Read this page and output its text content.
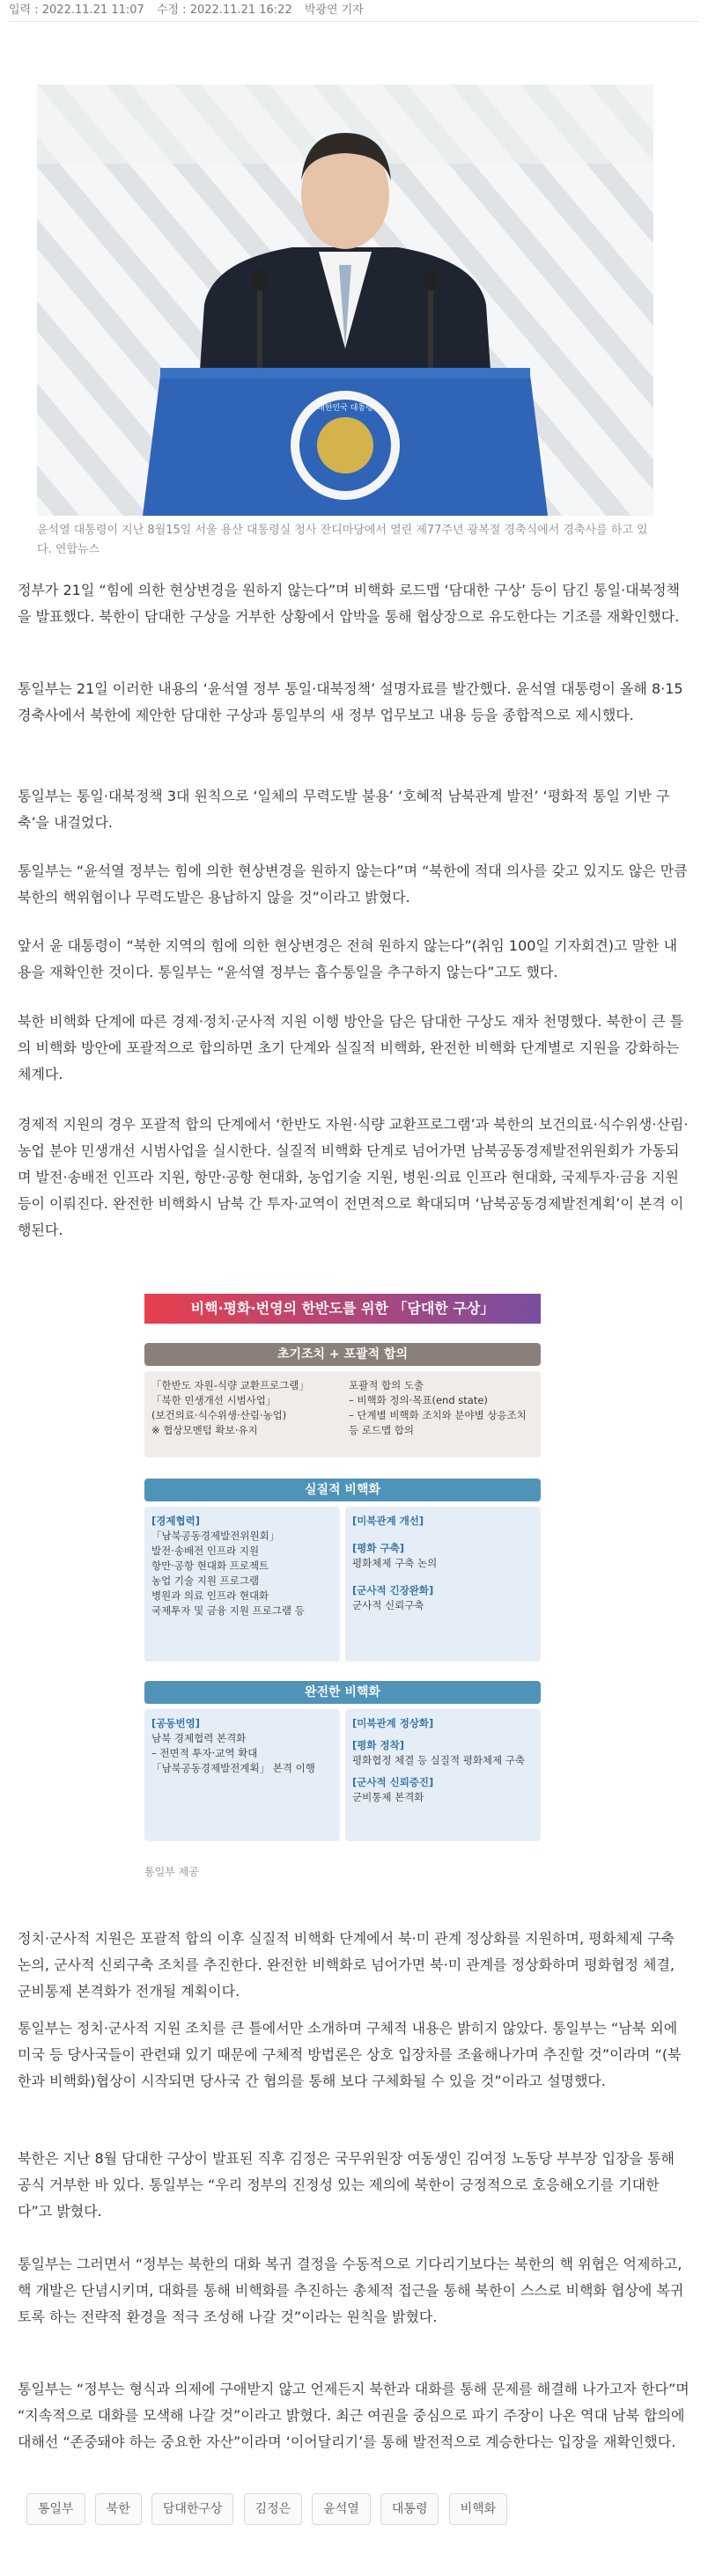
입력 : 2022.11.21 11:07 수정 : 2022.11.21 16:22 박광연 기자
대한민국 대통령
윤석열 대통령이 지난 8월15일 서울 용산 대통령실 청사 잔디마당에서 열린 제77주년 광복절 경축식에서 경축사를 하고 있다. 연합뉴스

정부가 21일 “힘에 의한 현상변경을 원하지 않는다”며 비핵화 로드맵 ‘담대한 구상’ 등이 담긴 통일·대북정책을 발표했다. 북한이 담대한 구상을 거부한 상황에서 압박을 통해 협상장으로 유도한다는 기조를 재확인했다.

통일부는 21일 이러한 내용의 ‘윤석열 정부 통일·대북정책’ 설명자료를 발간했다. 윤석열 대통령이 올해 8·15 경축사에서 북한에 제안한 담대한 구상과 통일부의 새 정부 업무보고 내용 등을 종합적으로 제시했다.

통일부는 통일·대북정책 3대 원칙으로 ‘일체의 무력도발 불용’ ‘호혜적 남북관계 발전’ ‘평화적 통일 기반 구축’을 내걸었다.

통일부는 “윤석열 정부는 힘에 의한 현상변경을 원하지 않는다”며 “북한에 적대 의사를 갖고 있지도 않은 만큼 북한의 핵위협이나 무력도발은 용납하지 않을 것”이라고 밝혔다.

앞서 윤 대통령이 “북한 지역의 힘에 의한 현상변경은 전혀 원하지 않는다”(취임 100일 기자회견)고 말한 내용을 재확인한 것이다. 통일부는 “윤석열 정부는 흡수통일을 추구하지 않는다”고도 했다.

북한 비핵화 단계에 따른 경제·정치·군사적 지원 이행 방안을 담은 담대한 구상도 재차 천명했다. 북한이 큰 틀의 비핵화 방안에 포괄적으로 합의하면 초기 단계와 실질적 비핵화, 완전한 비핵화 단계별로 지원을 강화하는 체계다.

경제적 지원의 경우 포괄적 합의 단계에서 ‘한반도 자원·식량 교환프로그램’과 북한의 보건의료·식수위생·산림·농업 분야 민생개선 시범사업을 실시한다. 실질적 비핵화 단계로 넘어가면 남북공동경제발전위원회가 가동되며 발전·송배전 인프라 지원, 항만·공항 현대화, 농업기술 지원, 병원·의료 인프라 현대화, 국제투자·금융 지원 등이 이뤄진다. 완전한 비핵화시 남북 간 투자·교역이 전면적으로 확대되며 ‘남북공동경제발전계획’이 본격 이행된다.

비핵·평화·번영의 한반도를 위한 「담대한 구상」
초기조치 + 포괄적 합의
「한반도 자원-식량 교환프로그램」
「북한 민생개선 시범사업」
(보건의료·식수위생·산림·농업)
※ 협상모멘텀 확보·유지
포괄적 합의 도출
– 비핵화 정의·목표(end state)
– 단계별 비핵화 조치와 분야별 상응조치 등 로드맵 합의
실질적 비핵화
[경제협력]
「남북공동경제발전위원회」
발전·송배전 인프라 지원
항만·공항 현대화 프로젝트
농업 기술 지원 프로그램
병원과 의료 인프라 현대화
국제투자 및 금융 지원 프로그램 등
[미북관계 개선]
[평화 구축]
평화체제 구축 논의
[군사적 긴장완화]
군사적 신뢰구축
완전한 비핵화
[공동번영]
남북 경제협력 본격화
– 전면적 투자·교역 확대
「남북공동경제발전계획」 본격 이행
[미북관계 정상화]
[평화 정착]
평화협정 체결 등 실질적 평화체제 구축
[군사적 신뢰증진]
군비통제 본격화
통일부 제공

정치·군사적 지원은 포괄적 합의 이후 실질적 비핵화 단계에서 북·미 관계 정상화를 지원하며, 평화체제 구축 논의, 군사적 신뢰구축 조치를 추진한다. 완전한 비핵화로 넘어가면 북·미 관계를 정상화하며 평화협정 체결, 군비통제 본격화가 전개될 계획이다.

통일부는 정치·군사적 지원 조치를 큰 틀에서만 소개하며 구체적 내용은 밝히지 않았다. 통일부는 “남북 외에 미국 등 당사국들이 관련돼 있기 때문에 구체적 방법론은 상호 입장차를 조율해나가며 추진할 것”이라며 “(북한과 비핵화)협상이 시작되면 당사국 간 협의를 통해 보다 구체화될 수 있을 것”이라고 설명했다.

북한은 지난 8월 담대한 구상이 발표된 직후 김정은 국무위원장 여동생인 김여정 노동당 부부장 입장을 통해 공식 거부한 바 있다. 통일부는 “우리 정부의 진정성 있는 제의에 북한이 긍정적으로 호응해오기를 기대한다”고 밝혔다.

통일부는 그러면서 “정부는 북한의 대화 복귀 결정을 수동적으로 기다리기보다는 북한의 핵 위협은 억제하고, 핵 개발은 단념시키며, 대화를 통해 비핵화를 추진하는 총체적 접근을 통해 북한이 스스로 비핵화 협상에 복귀토록 하는 전략적 환경을 적극 조성해 나갈 것”이라는 원칙을 밝혔다.

통일부는 “정부는 형식과 의제에 구애받지 않고 언제든지 북한과 대화를 통해 문제를 해결해 나가고자 한다”며 “지속적으로 대화를 모색해 나갈 것”이라고 밝혔다. 최근 여권을 중심으로 파기 주장이 나온 역대 남북 합의에 대해선 “존중돼야 하는 중요한 자산”이라며 ‘이어달리기’를 통해 발전적으로 계승한다는 입장을 재확인했다.

통일부	북한	담대한구상	김정은	윤석열	대통령	비핵화
